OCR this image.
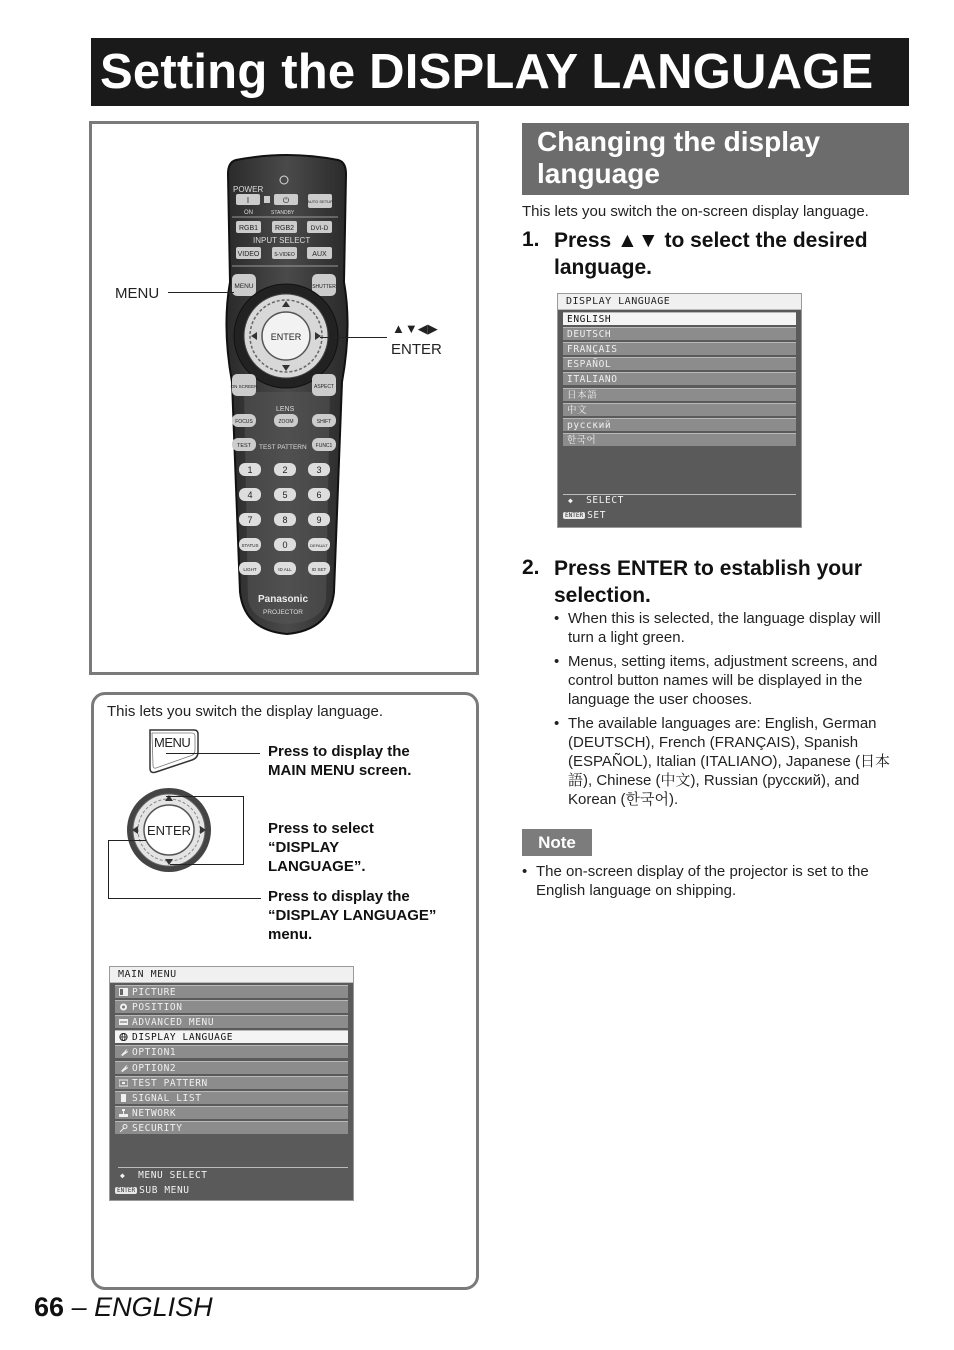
Setting the DISPLAY LANGUAGE
POWER
I	⏻	AUTO SETUP
ON	STANDBY
RGB1 RGB2	DVI-D
INPUT SELECT
VIDEO	S-VIDEO	AUX
MENU	SHUTTER
ENTER
ON SCREEN	ASPECT
LENS
FOCUS	ZOOM	SHIFT
TEST TEST PATTERN FUNC1
1	2	3
4	5	6
7	8	9
STATUS	0	DEFAULT
LIGHT	ID ALL	ID SET
Panasonic
PROJECTOR
MENU
▲▼◀▶
ENTER
This lets you switch the display language.
MENU
Press to display the MAIN MENU screen.
ENTER	Press to select “DISPLAY LANGUAGE”.
Press to display the “DISPLAY LANGUAGE” menu.
MAIN MENU
PICTURE
POSITION
ADVANCED MENU
DISPLAY LANGUAGE
OPTION1
OPTION2
TEST PATTERN
SIGNAL LIST
NETWORK
SECURITY
◆ MENU SELECT
ENTER SUB MENU
Changing the display language
This lets you switch the on-screen display language.
1. Press ▲▼ to select the desired language.
DISPLAY LANGUAGE
ENGLISH
DEUTSCH
FRANÇAIS
ESPAÑOL
ITALIANO
日本語
中文
русский
한국어
◆ SELECT
ENTER SET
2. Press ENTER to establish your selection.
• When this is selected, the language display will turn a light green.
• Menus, setting items, adjustment screens, and control button names will be displayed in the language the user chooses.
• The available languages are: English, German (DEUTSCH), French (FRANÇAIS), Spanish (ESPAÑOL), Italian (ITALIANO), Japanese (日本語), Chinese (中文), Russian (русский), and Korean (한국어).
Note
• The on-screen display of the projector is set to the English language on shipping.
66 – ENGLISH
